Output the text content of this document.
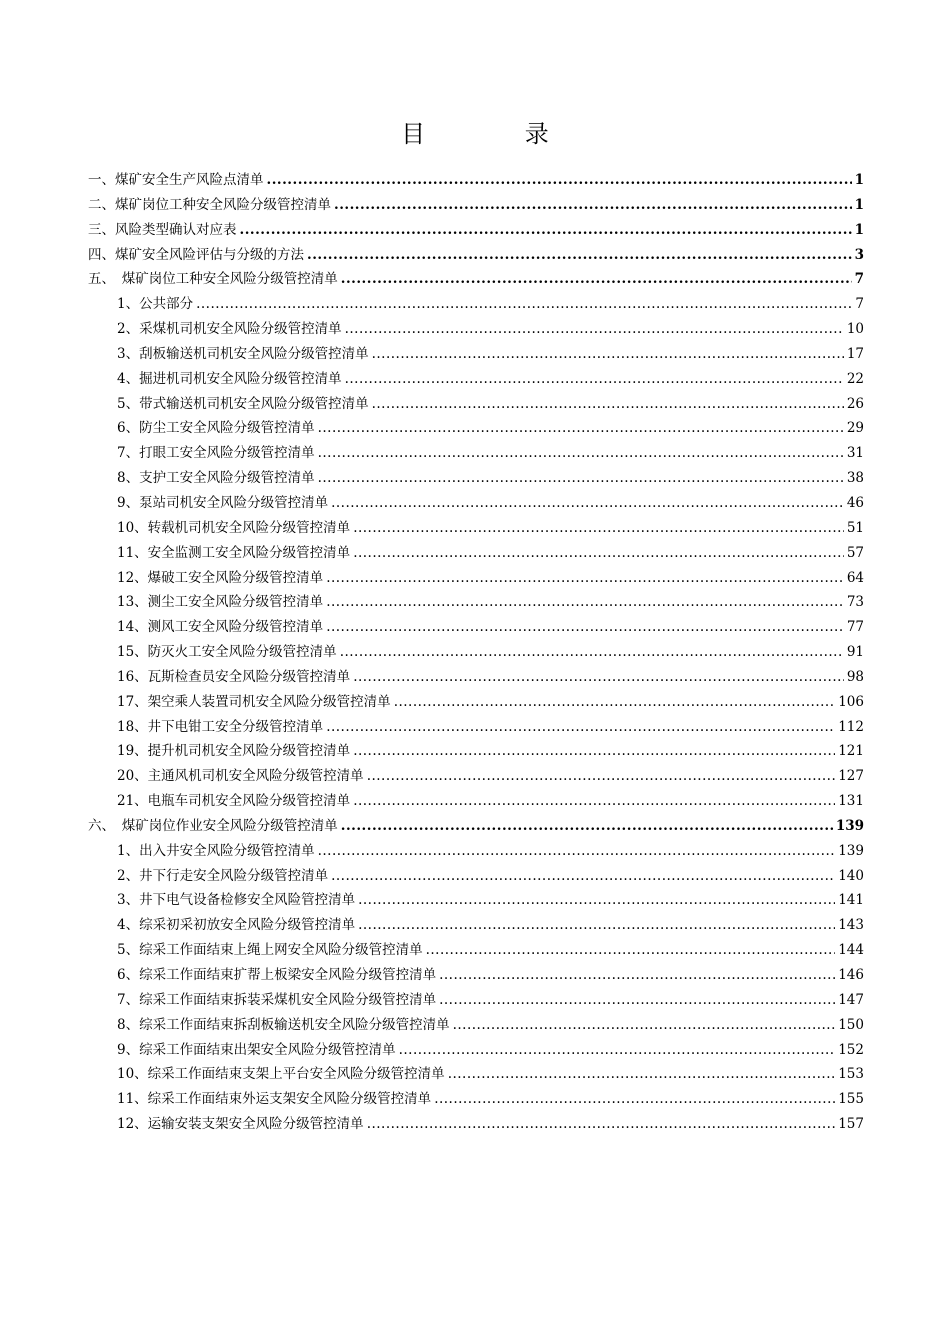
目 录
一、煤矿安全生产风险点清单 .....	1
二、煤矿岗位工种安全风险分级管控清单 .....	1
三、风险类型确认对应表 .....	1
四、煤矿安全风险评估与分级的方法 .....	3
五、　煤矿岗位工种安全风险分级管控清单 .....	7
1、公共部分 .....	7
2、采煤机司机安全风险分级管控清单 .....	10
3、刮板输送机司机安全风险分级管控清单 .....	17
4、掘进机司机安全风险分级管控清单 .....	22
5、带式输送机司机安全风险分级管控清单 .....	26
6、防尘工安全风险分级管控清单 .....	29
7、打眼工安全风险分级管控清单 .....	31
8、支护工安全风险分级管控清单 .....	38
9、泵站司机安全风险分级管控清单 .....	46
10、转载机司机安全风险分级管控清单 .....	51
11、安全监测工安全风险分级管控清单 .....	57
12、爆破工安全风险分级管控清单 .....	64
13、测尘工安全风险分级管控清单 .....	73
14、测风工安全风险分级管控清单 .....	77
15、防灭火工安全风险分级管控清单 .....	91
16、瓦斯检查员安全风险分级管控清单 .....	98
17、架空乘人装置司机安全风险分级管控清单 .....	106
18、井下电钳工安全分级管控清单 .....	112
19、提升机司机安全风险分级管控清单 .....	121
20、主通风机司机安全风险分级管控清单 .....	127
21、电瓶车司机安全风险分级管控清单 .....	131
六、　煤矿岗位作业安全风险分级管控清单 .....	139
1、出入井安全风险分级管控清单 .....	139
2、井下行走安全风险分级管控清单 .....	140
3、井下电气设备检修安全风险管控清单 .....	141
4、综采初采初放安全风险分级管控清单 .....	143
5、综采工作面结束上绳上网安全风险分级管控清单 .....	144
6、综采工作面结束扩帮上板梁安全风险分级管控清单 .....	146
7、综采工作面结束拆装采煤机安全风险分级管控清单 .....	147
8、综采工作面结束拆刮板输送机安全风险分级管控清单 .....	150
9、综采工作面结束出架安全风险分级管控清单 .....	152
10、综采工作面结束支架上平台安全风险分级管控清单 .....	153
11、综采工作面结束外运支架安全风险分级管控清单 .....	155
12、运输安装支架安全风险分级管控清单 .....	157
